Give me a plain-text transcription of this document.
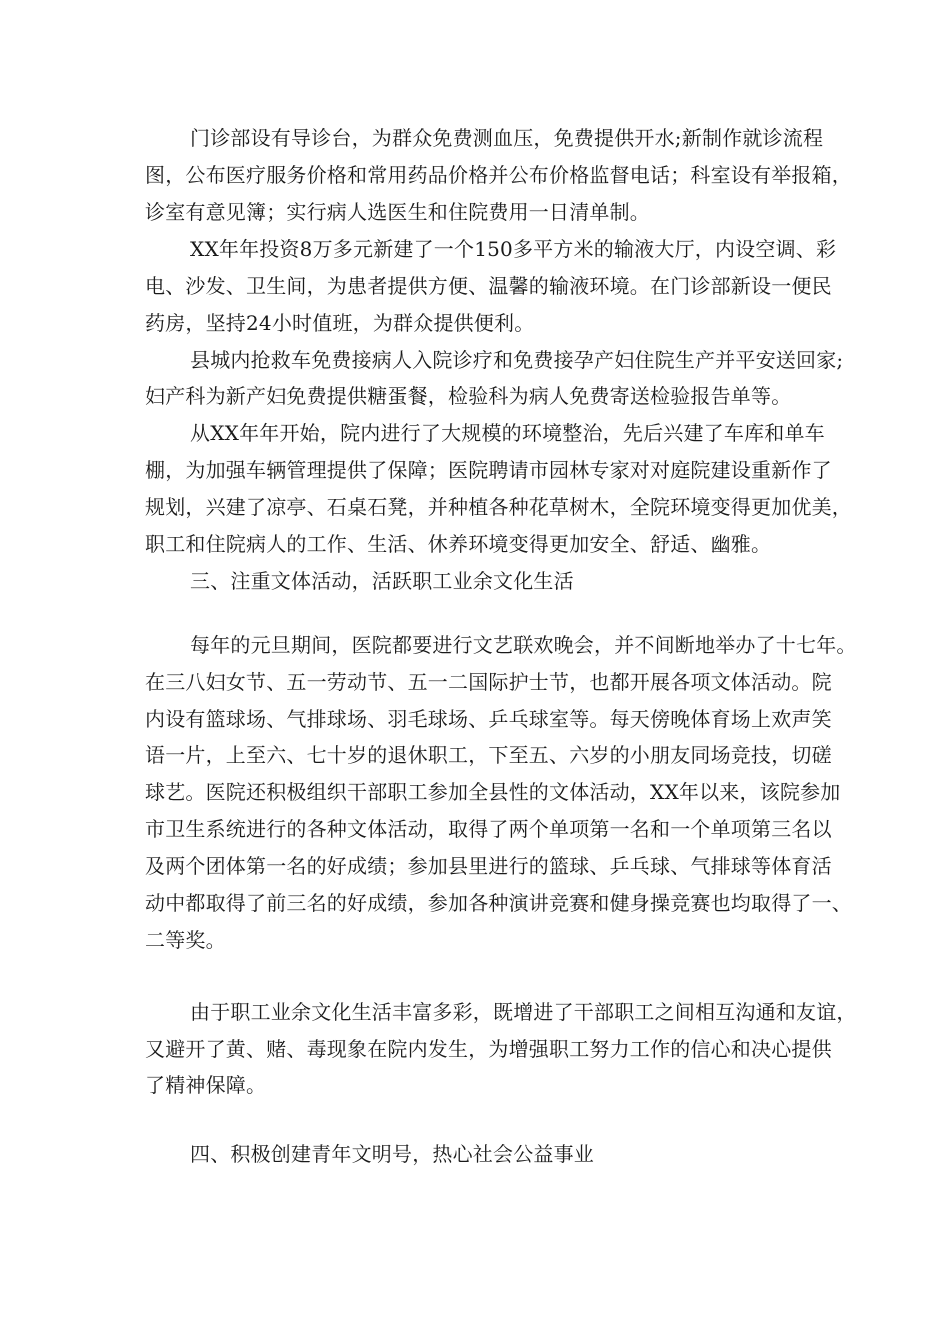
门诊部设有导诊台，为群众免费测血压，免费提供开水;新制作就诊流程
图，公布医疗服务价格和常用药品价格并公布价格监督电话；科室设有举报箱，
诊室有意见簿；实行病人选医生和住院费用一日清单制。
XX年年投资8万多元新建了一个150多平方米的输液大厅，内设空调、彩
电、沙发、卫生间，为患者提供方便、温馨的输液环境。在门诊部新设一便民
药房，坚持24小时值班，为群众提供便利。
县城内抢救车免费接病人入院诊疗和免费接孕产妇住院生产并平安送回家;
妇产科为新产妇免费提供糖蛋餐，检验科为病人免费寄送检验报告单等。
从XX年年开始，院内进行了大规模的环境整治，先后兴建了车库和单车
棚，为加强车辆管理提供了保障；医院聘请市园林专家对对庭院建设重新作了
规划，兴建了凉亭、石桌石凳，并种植各种花草树木，全院环境变得更加优美，
职工和住院病人的工作、生活、休养环境变得更加安全、舒适、幽雅。
三、注重文体活动，活跃职工业余文化生活
每年的元旦期间，医院都要进行文艺联欢晚会，并不间断地举办了十七年。
在三八妇女节、五一劳动节、五一二国际护士节，也都开展各项文体活动。院
内设有篮球场、气排球场、羽毛球场、乒乓球室等。每天傍晚体育场上欢声笑
语一片，上至六、七十岁的退休职工，下至五、六岁的小朋友同场竞技，切磋
球艺。医院还积极组织干部职工参加全县性的文体活动，XX年以来，该院参加
市卫生系统进行的各种文体活动，取得了两个单项第一名和一个单项第三名以
及两个团体第一名的好成绩；参加县里进行的篮球、乒乓球、气排球等体育活
动中都取得了前三名的好成绩，参加各种演讲竞赛和健身操竞赛也均取得了一、
二等奖。
由于职工业余文化生活丰富多彩，既增进了干部职工之间相互沟通和友谊，
又避开了黄、赌、毒现象在院内发生，为增强职工努力工作的信心和决心提供
了精神保障。
四、积极创建青年文明号，热心社会公益事业
